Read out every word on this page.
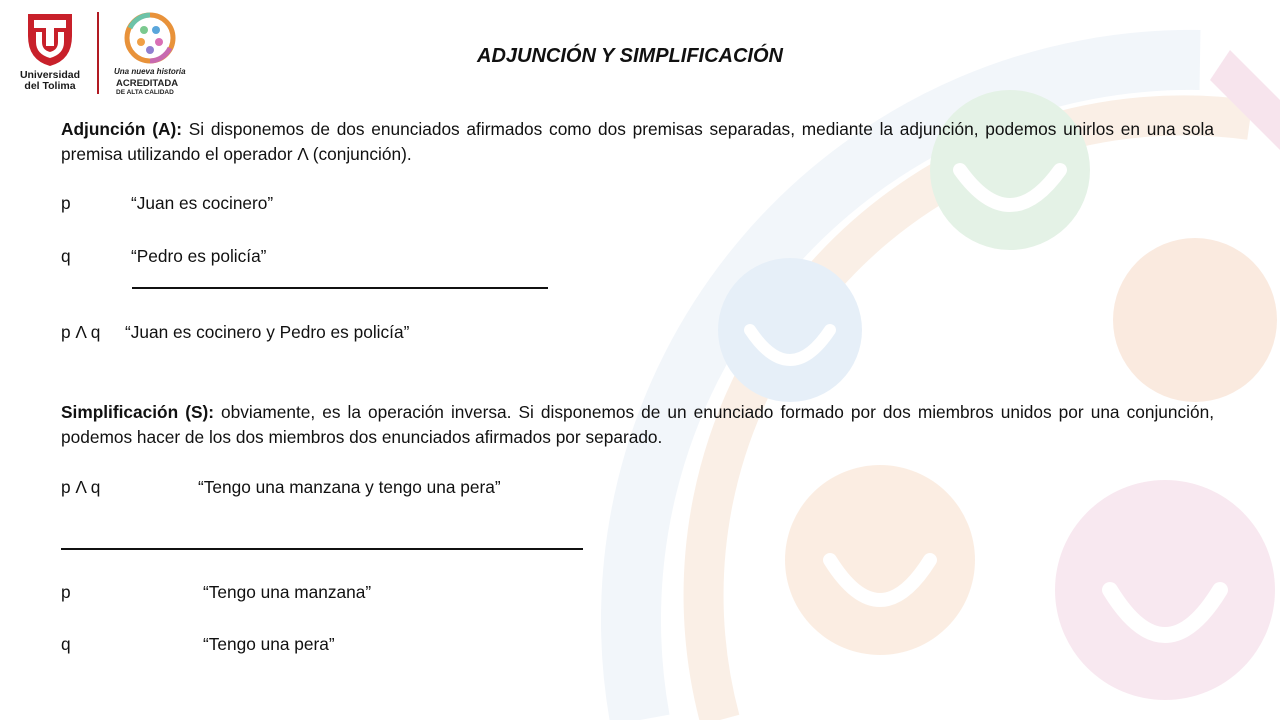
Universidad
del Tolima
Una nueva historia
ACREDITADA
DE ALTA CALIDAD
ADJUNCIÓN Y SIMPLIFICACIÓN
Adjunción (A): Si disponemos de dos enunciados afirmados como dos premisas separadas, mediante la adjunción, podemos unirlos en una sola premisa utilizando el operador Λ (conjunción).
p	“Juan es cocinero”
q	“Pedro es policía”
p Λ q “Juan es cocinero y Pedro es policía”
Simplificación (S): obviamente, es la operación inversa. Si disponemos de un enunciado formado por dos miembros unidos por una conjunción, podemos hacer de los dos miembros dos enunciados afirmados por separado.
p Λ q	“Tengo una manzana y tengo una pera”
p	“Tengo una manzana”
q	“Tengo una pera”
